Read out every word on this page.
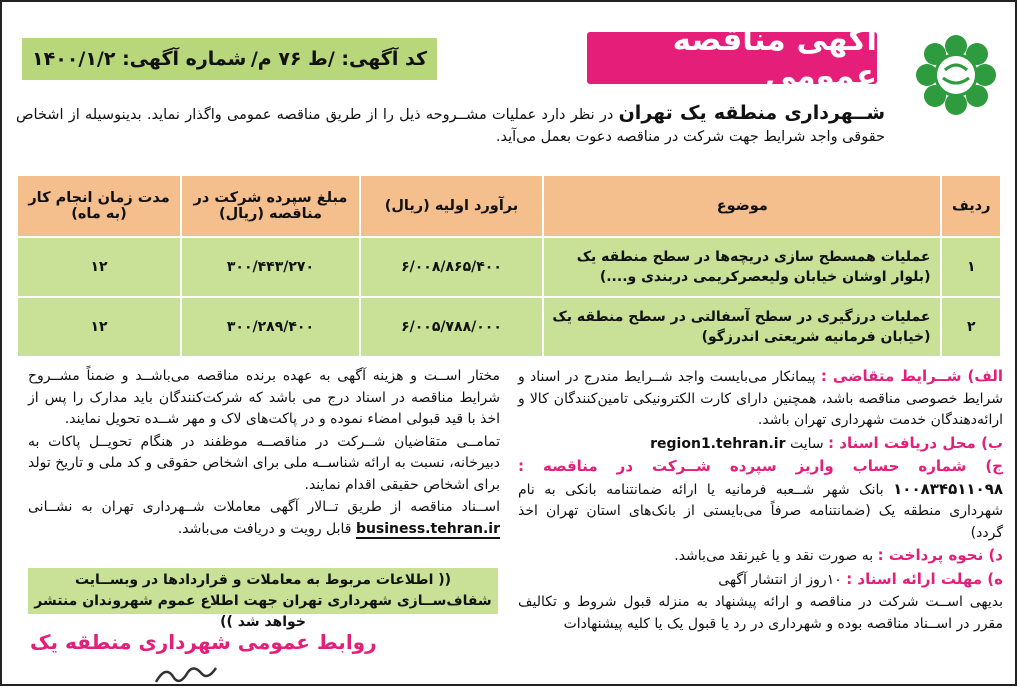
آگهی مناقصه عمومی
کد آگهی: /ط ۷۶ م/
شماره آگهی: ۱۴۰۰/۱/۲
شــهرداری منطقه یک تهران در نظر دارد عملیات مشــروحه ذیل را از طریق مناقصه عمومی واگذار نماید. بدینوسیله از اشخاص حقوقی واجد شرایط جهت شرکت در مناقصه دعوت بعمل می‌آید.
ردیف	موضوع	برآورد اولیه (ریال)	مبلغ سپرده شرکت در مناقصه (ریال)	مدت زمان انجام کار (به ماه)
۱	عملیات همسطح سازی دریچه‌ها در سطح منطقه یک
(بلوار اوشان خیابان ولیعصرکریمی دربندی و....)	۶/۰۰۸/۸۶۵/۴۰۰	۳۰۰/۴۴۳/۲۷۰	۱۲
۲	عملیات درزگیری در سطح آسفالتی در سطح منطقه یک
(خیابان فرمانیه شریعتی اندرزگو)	۶/۰۰۵/۷۸۸/۰۰۰	۳۰۰/۲۸۹/۴۰۰	۱۲

الف) شــرایط متقاضی : پیمانکار می‌بایست واجد شــرایط مندرج در اسناد و شرایط خصوصی مناقصه باشد، همچنین دارای کارت الکترونیکی تامین‌کنندگان کالا و ارائه‌دهندگان خدمت شهرداری تهران باشد.

ب) محل دریافت اسناد : سایت region1.tehran.ir

ج) شماره حساب واریز سپرده شــرکت در مناقصه : ۱۰۰۸۳۴۵۱۱۰۹۸ بانک شهر شــعبه فرمانیه یا ارائه ضمانتنامه بانکی به نام شهرداری منطقه یک (ضمانتنامه صرفاً می‌بایستی از بانک‌های استان تهران اخذ گردد)

د) نحوه پرداخت : به صورت نقد و یا غیرنقد می‌باشد.

ه) مهلت ارائه اسناد : ۱۰روز از انتشار آگهی

بدیهی اســت شرکت در مناقصه و ارائه پیشنهاد به منزله قبول شروط و تکالیف مقرر در اســناد مناقصه بوده و شهرداری در رد یا قبول یک یا کلیه پیشنهادات

مختار اســت و هزینه آگهی به عهده برنده مناقصه می‌باشــد و ضمناً مشــروح شرایط مناقصه در اسناد درج می باشد که شرکت‌کنندگان باید مدارک را پس از اخذ با قید قبولی امضاء نموده و در پاکت‌های لاک و مهر شــده تحویل نمایند.

تمامــی متقاضیان شــرکت در مناقصــه موظفند در هنگام تحویــل پاکات به دبیرخانه، نسبت به ارائه شناســه ملی برای اشخاص حقوقی و کد ملی و تاریخ تولد برای اشخاص حقیقی اقدام نمایند.

اســناد مناقصه از طریق تــالار آگهی معاملات شــهرداری تهران به نشــانی business.tehran.ir قابل رویت و دریافت می‌باشد.

(( اطلاعات مربوط به معاملات و قراردادها در وبســایت شفاف‌ســازی شهرداری تهران جهت اطلاع عموم شهروندان منتشر خواهد شد ))
روابط عمومی شهرداری منطقه یک
